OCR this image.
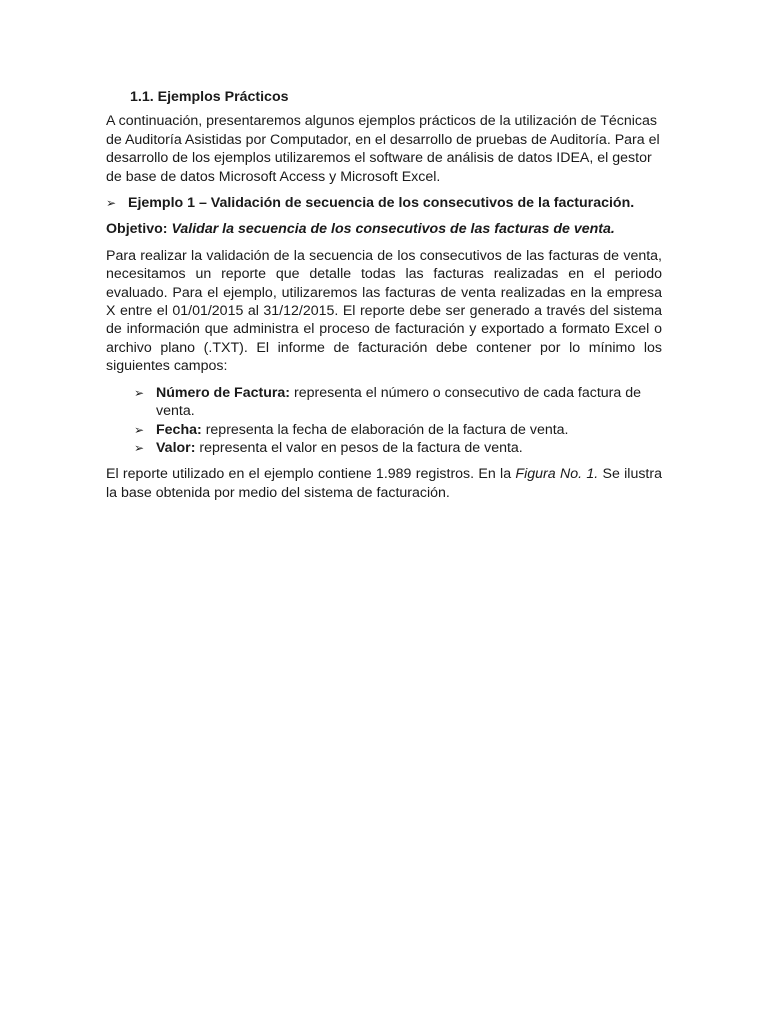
1.1. Ejemplos Prácticos

A continuación, presentaremos algunos ejemplos prácticos de la utilización de Técnicas de Auditoría Asistidas por Computador, en el desarrollo de pruebas de Auditoría. Para el desarrollo de los ejemplos utilizaremos el software de análisis de datos IDEA, el gestor de base de datos Microsoft Access y Microsoft Excel.

➢ Ejemplo 1 – Validación de secuencia de los consecutivos de la facturación.

Objetivo: Validar la secuencia de los consecutivos de las facturas de venta.

Para realizar la validación de la secuencia de los consecutivos de las facturas de venta, necesitamos un reporte que detalle todas las facturas realizadas en el periodo evaluado. Para el ejemplo, utilizaremos las facturas de venta realizadas en la empresa X entre el 01/01/2015 al 31/12/2015. El reporte debe ser generado a través del sistema de información que administra el proceso de facturación y exportado a formato Excel o archivo plano (.TXT). El informe de facturación debe contener por lo mínimo los siguientes campos:

➢ Número de Factura: representa el número o consecutivo de cada factura de venta.
➢ Fecha: representa la fecha de elaboración de la factura de venta.
➢ Valor: representa el valor en pesos de la factura de venta.

El reporte utilizado en el ejemplo contiene 1.989 registros. En la Figura No. 1. Se ilustra la base obtenida por medio del sistema de facturación.
